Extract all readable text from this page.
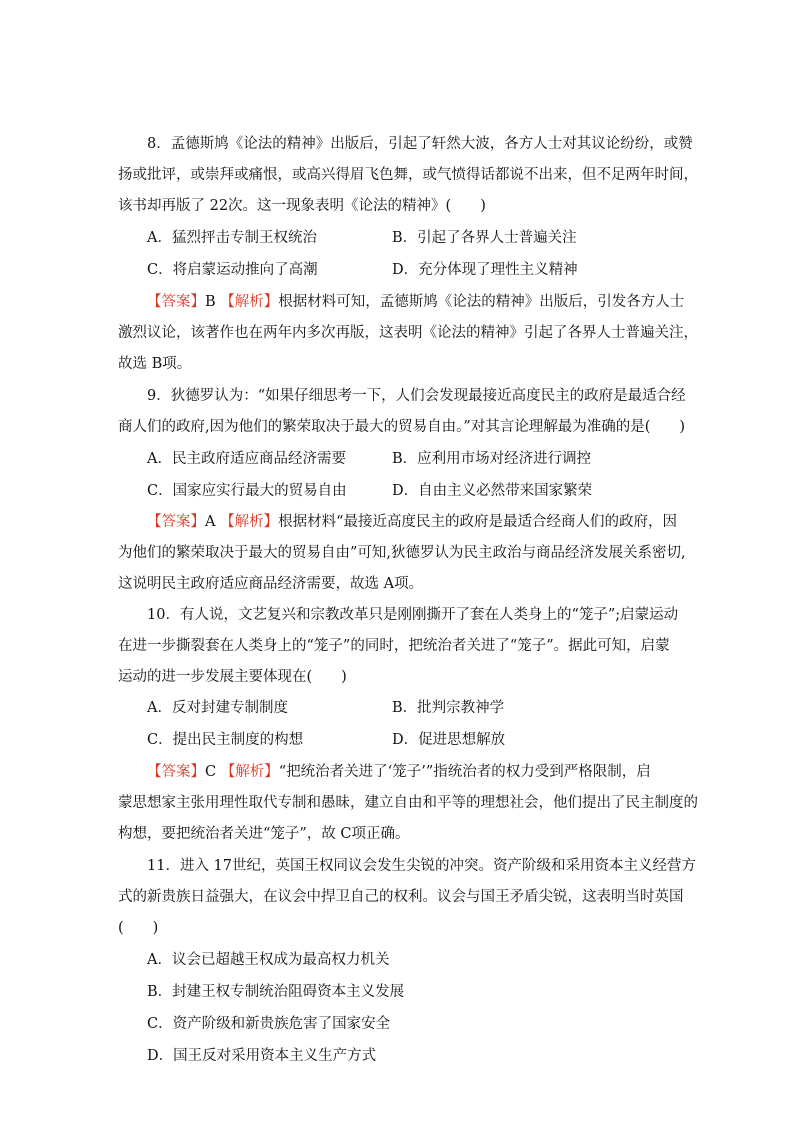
8．孟德斯鸠《论法的精神》出版后，引起了轩然大波，各方人士对其议论纷纷，或赞
扬或批评，或崇拜或痛恨，或高兴得眉飞色舞，或气愤得话都说不出来，但不足两年时间，
该书却再版了 22次。这一现象表明《论法的精神》(　　)
A．猛烈抨击专制王权统治	B．引起了各界人士普遍关注
C．将启蒙运动推向了高潮	D．充分体现了理性主义精神
【答案】B 【解析】根据材料可知，孟德斯鸠《论法的精神》出版后，引发各方人士
激烈议论，该著作也在两年内多次再版，这表明《论法的精神》引起了各界人士普遍关注，
故选 B项。
9．狄德罗认为：“如果仔细思考一下，人们会发现最接近高度民主的政府是最适合经
商人们的政府,因为他们的繁荣取决于最大的贸易自由。”对其言论理解最为准确的是(　　)
A．民主政府适应商品经济需要	B．应利用市场对经济进行调控
C．国家应实行最大的贸易自由	D．自由主义必然带来国家繁荣
【答案】A 【解析】根据材料“最接近高度民主的政府是最适合经商人们的政府，因
为他们的繁荣取决于最大的贸易自由”可知,狄德罗认为民主政治与商品经济发展关系密切,
这说明民主政府适应商品经济需要，故选 A项。
10．有人说，文艺复兴和宗教改革只是刚刚撕开了套在人类身上的“笼子”;启蒙运动
在进一步撕裂套在人类身上的“笼子”的同时，把统治者关进了“笼子”。据此可知，启蒙
运动的进一步发展主要体现在(　　)
A．反对封建专制制度	B．批判宗教神学
C．提出民主制度的构想	D．促进思想解放
【答案】C 【解析】“把统治者关进了‘笼子’”指统治者的权力受到严格限制，启
蒙思想家主张用理性取代专制和愚昧，建立自由和平等的理想社会，他们提出了民主制度的
构想，要把统治者关进“笼子”，故 C项正确。
11．进入 17世纪，英国王权同议会发生尖锐的冲突。资产阶级和采用资本主义经营方
式的新贵族日益强大，在议会中捍卫自己的权利。议会与国王矛盾尖锐，这表明当时英国
(　　)
A．议会已超越王权成为最高权力机关
B．封建王权专制统治阻碍资本主义发展
C．资产阶级和新贵族危害了国家安全
D．国王反对采用资本主义生产方式
